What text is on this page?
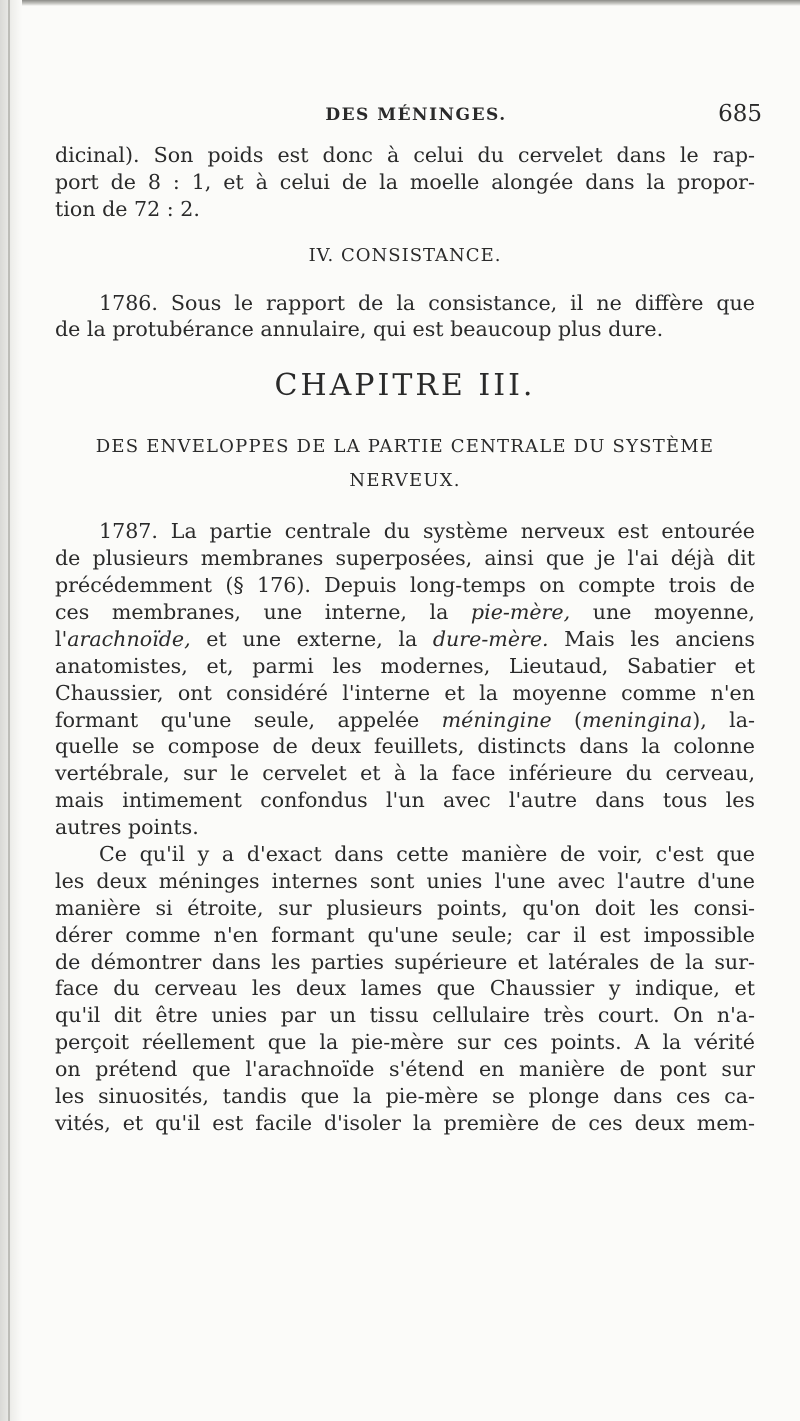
DES MÉNINGES.	685
dicinal). Son poids est donc à celui du cervelet dans le rap-
port de 8 : 1, et à celui de la moelle alongée dans la propor-
tion de 72 : 2.
IV. CONSISTANCE.
1786. Sous le rapport de la consistance, il ne diffère que
de la protubérance annulaire, qui est beaucoup plus dure.
CHAPITRE III.
DES ENVELOPPES DE LA PARTIE CENTRALE DU SYSTÈME
NERVEUX.
1787. La partie centrale du système nerveux est entourée
de plusieurs membranes superposées, ainsi que je l'ai déjà dit
précédemment (§ 176). Depuis long-temps on compte trois de
ces membranes, une interne, la pie-mère, une moyenne,
l'arachnoïde, et une externe, la dure-mère. Mais les anciens
anatomistes, et, parmi les modernes, Lieutaud, Sabatier et
Chaussier, ont considéré l'interne et la moyenne comme n'en
formant qu'une seule, appelée méningine (meningina), la-
quelle se compose de deux feuillets, distincts dans la colonne
vertébrale, sur le cervelet et à la face inférieure du cerveau,
mais intimement confondus l'un avec l'autre dans tous les
autres points.
Ce qu'il y a d'exact dans cette manière de voir, c'est que
les deux méninges internes sont unies l'une avec l'autre d'une
manière si étroite, sur plusieurs points, qu'on doit les consi-
dérer comme n'en formant qu'une seule; car il est impossible
de démontrer dans les parties supérieure et latérales de la sur-
face du cerveau les deux lames que Chaussier y indique, et
qu'il dit être unies par un tissu cellulaire très court. On n'a-
perçoit réellement que la pie-mère sur ces points. A la vérité
on prétend que l'arachnoïde s'étend en manière de pont sur
les sinuosités, tandis que la pie-mère se plonge dans ces ca-
vités, et qu'il est facile d'isoler la première de ces deux mem-
